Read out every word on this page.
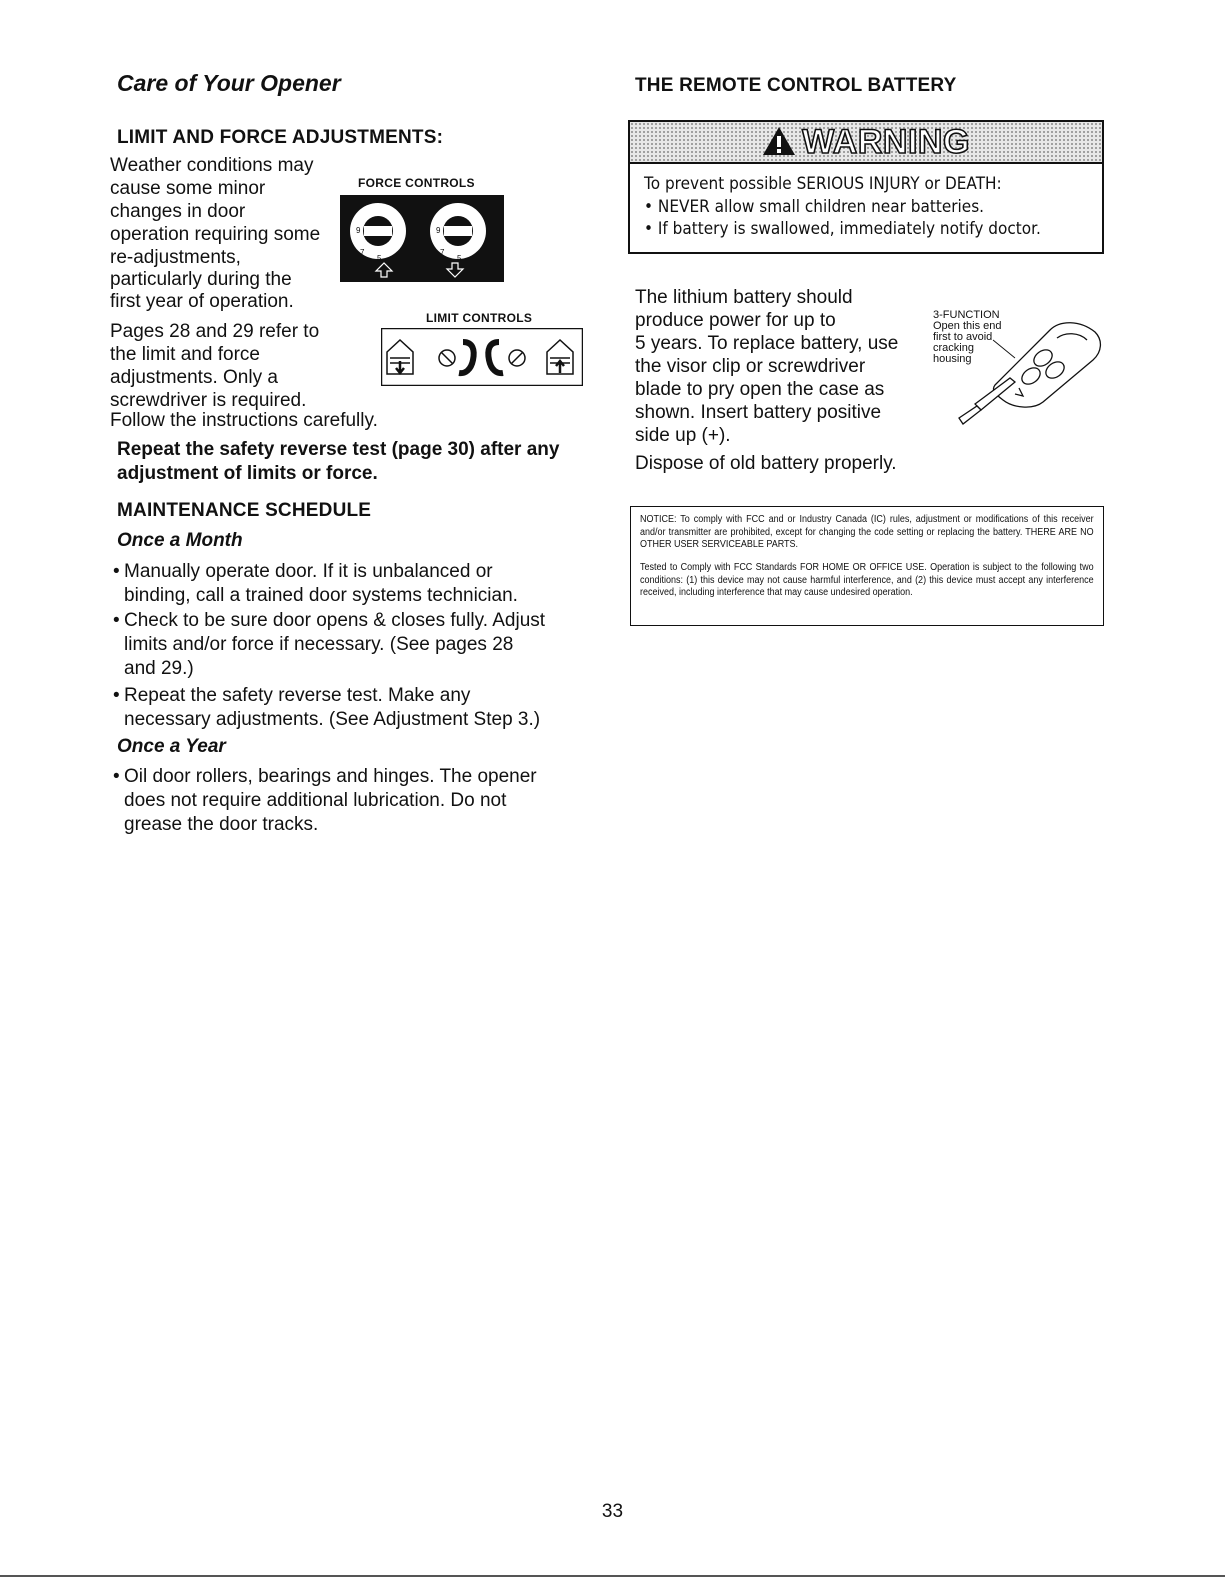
Care of Your Opener
LIMIT AND FORCE ADJUSTMENTS:
Weather conditions may
cause some minor
changes in door
operation requiring some
re-adjustments,
particularly during the
first year of operation.
Pages 28 and 29 refer to
the limit and force
adjustments. Only a
screwdriver is required.
Follow the instructions carefully.
FORCE CONTROLS
9
7
5
9
7
5
LIMIT CONTROLS
Repeat the safety reverse test (page 30) after any
adjustment of limits or force.
MAINTENANCE SCHEDULE
Once a Month
• Manually operate door. If it is unbalanced or
binding, call a trained door systems technician.
• Check to be sure door opens & closes fully. Adjust
limits and/or force if necessary. (See pages 28
and 29.)
• Repeat the safety reverse test. Make any
necessary adjustments. (See Adjustment Step 3.)
Once a Year
• Oil door rollers, bearings and hinges. The opener
does not require additional lubrication. Do not
grease the door tracks.
THE REMOTE CONTROL BATTERY
WARNING
To prevent possible SERIOUS INJURY or DEATH:
• NEVER allow small children near batteries.
• If battery is swallowed, immediately notify doctor.
The lithium battery should
produce power for up to
5 years. To replace battery, use
the visor clip or screwdriver
blade to pry open the case as
shown. Insert battery positive
side up (+).
Dispose of old battery properly.
3-FUNCTION
Open this end
first to avoid
cracking
housing
NOTICE: To comply with FCC and or Industry Canada (IC) rules, adjustment or modifications of this receiver and/or transmitter are prohibited, except for changing the code setting or replacing the battery. THERE ARE NO OTHER USER SERVICEABLE PARTS.
Tested to Comply with FCC Standards FOR HOME OR OFFICE USE. Operation is subject to the following two conditions: (1) this device may not cause harmful interference, and (2) this device must accept any interference received, including interference that may cause undesired operation.
33
